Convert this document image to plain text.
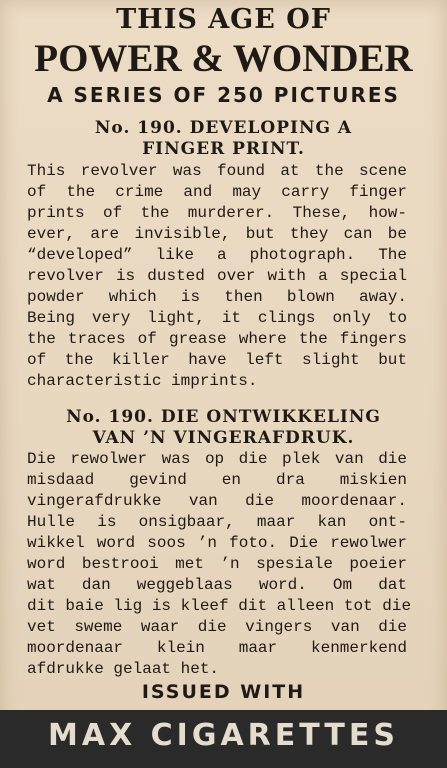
THIS AGE OF
POWER & WONDER
A SERIES OF 250 PICTURES
No. 190. DEVELOPING A
FINGER PRINT.
This revolver was found at the scene
of the crime and may carry finger
prints of the murderer. These, how-
ever, are invisible, but they can be
“developed” like a photograph. The
revolver is dusted over with a special
powder which is then blown away.
Being very light, it clings only to
the traces of grease where the fingers
of the killer have left slight but
characteristic imprints.
No. 190. DIE ONTWIKKELING
VAN ’N VINGERAFDRUK.
Die rewolwer was op die plek van die
misdaad gevind en dra miskien
vingerafdrukke van die moordenaar.
Hulle is onsigbaar, maar kan ont-
wikkel word soos ’n foto. Die rewolwer
word bestrooi met ’n spesiale poeier
wat dan weggeblaas word. Om dat
dit baie lig is kleef dit alleen tot die
vet sweme waar die vingers van die
moordenaar klein maar kenmerkend
afdrukke gelaat het.
ISSUED WITH
MAX CIGARETTES
